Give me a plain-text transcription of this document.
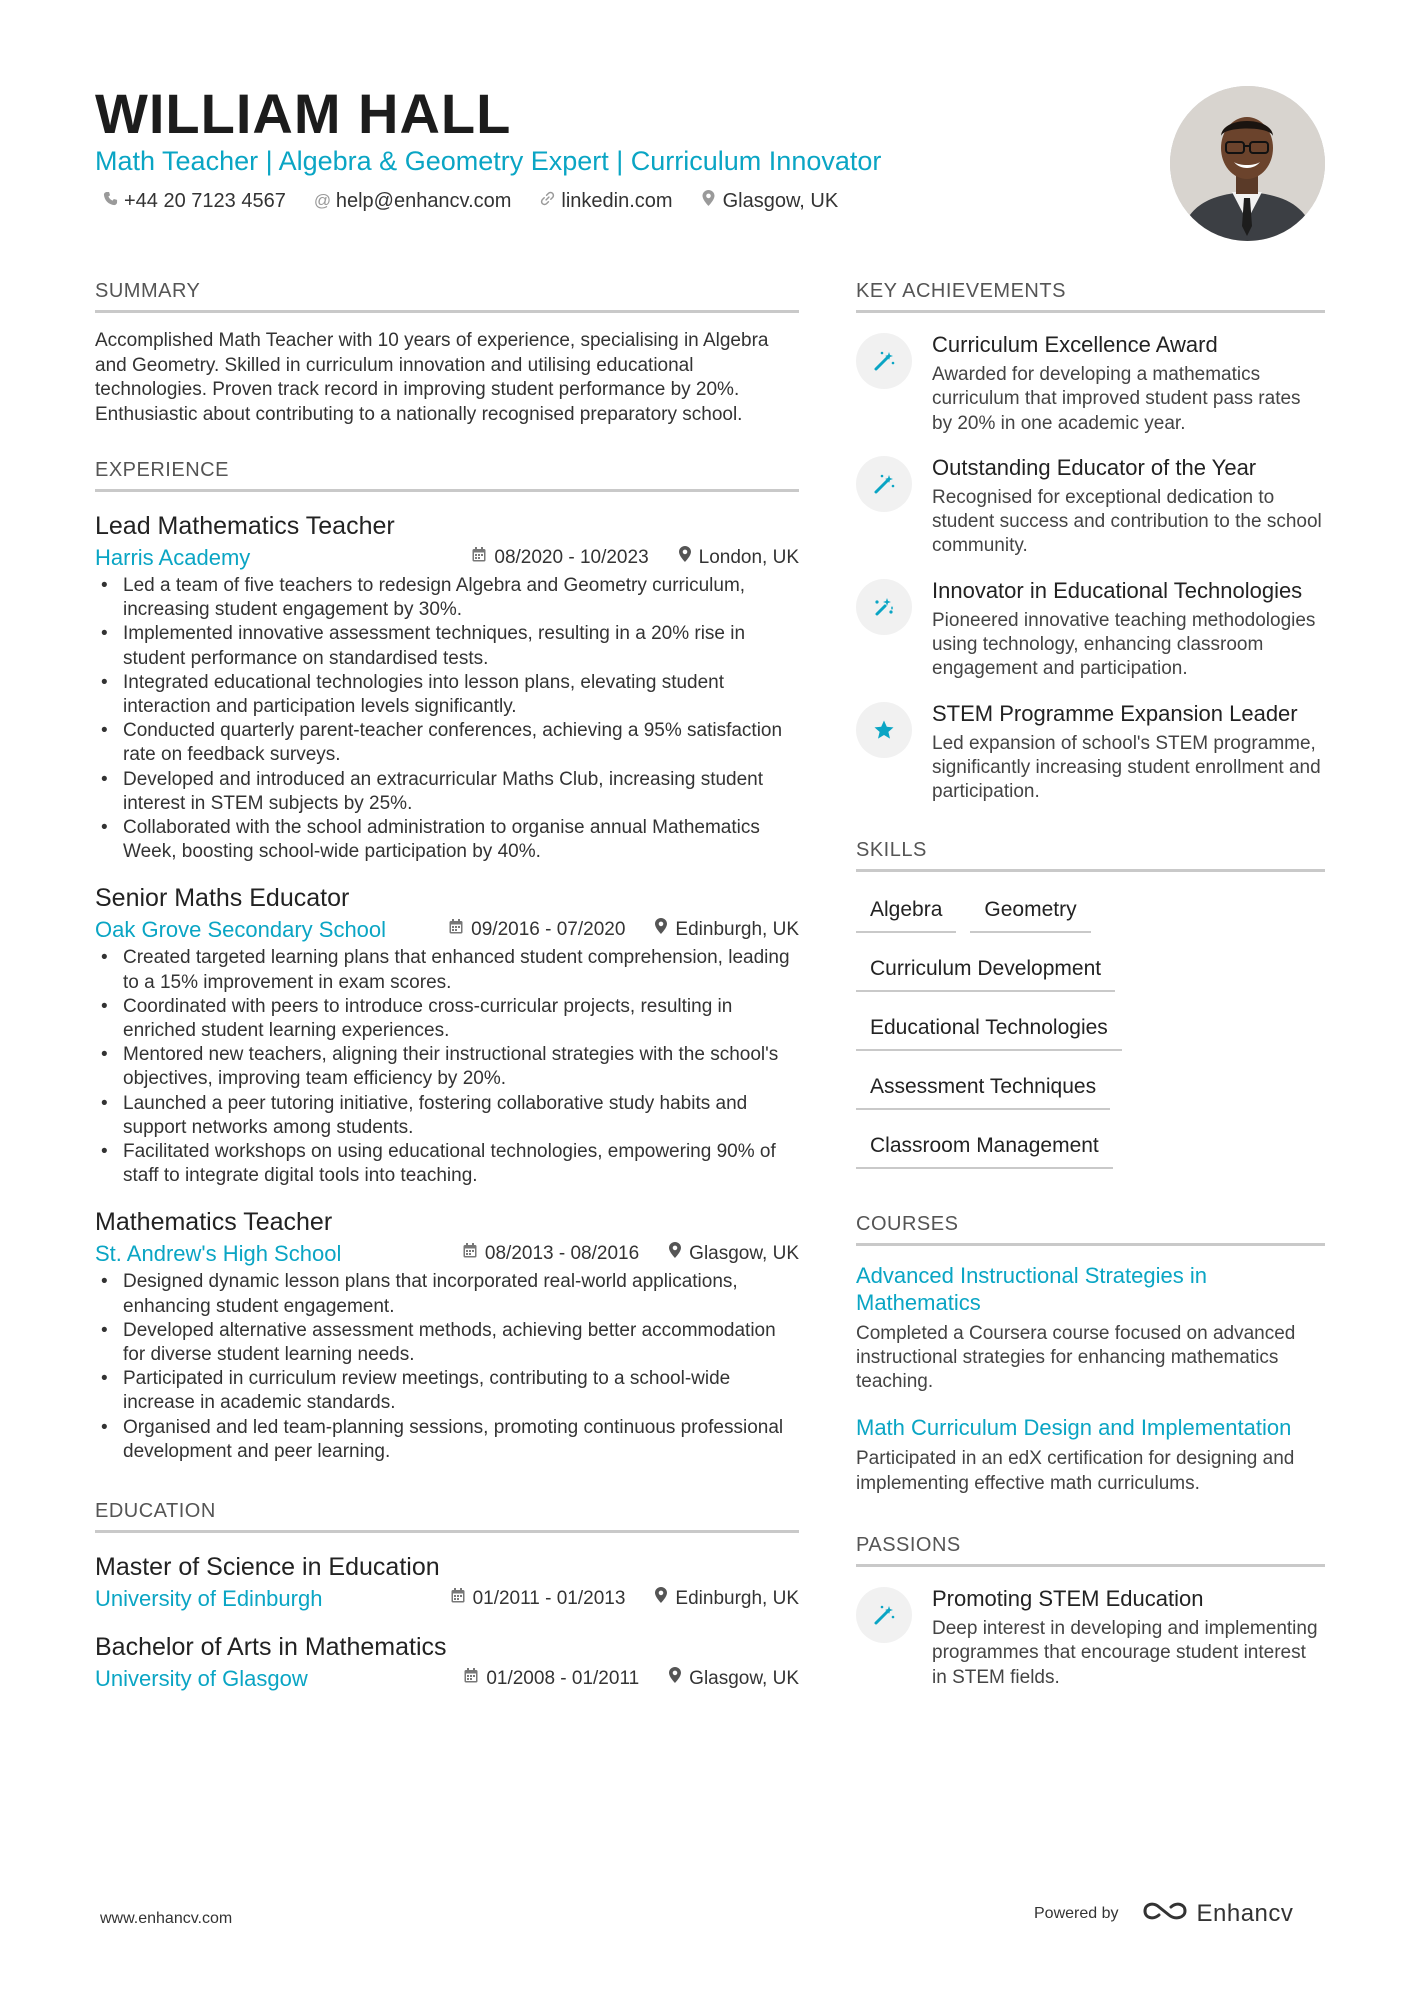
WILLIAM HALL
Math Teacher | Algebra & Geometry Expert | Curriculum Innovator
+44 20 7123 4567 @ help@enhancv.com	linkedin.com	Glasgow, UK
SUMMARY
Accomplished Math Teacher with 10 years of experience, specialising in Algebra and Geometry. Skilled in curriculum innovation and utilising educational technologies. Proven track record in improving student performance by 20%. Enthusiastic about contributing to a nationally recognised preparatory school.
EXPERIENCE
Lead Mathematics Teacher
Harris Academy	08/2020 - 10/2023	London, UK
• Led a team of five teachers to redesign Algebra and Geometry curriculum, increasing student engagement by 30%.
• Implemented innovative assessment techniques, resulting in a 20% rise in student performance on standardised tests.
• Integrated educational technologies into lesson plans, elevating student interaction and participation levels significantly.
• Conducted quarterly parent-teacher conferences, achieving a 95% satisfaction rate on feedback surveys.
• Developed and introduced an extracurricular Maths Club, increasing student interest in STEM subjects by 25%.
• Collaborated with the school administration to organise annual Mathematics Week, boosting school-wide participation by 40%.
Senior Maths Educator
Oak Grove Secondary School	09/2016 - 07/2020	Edinburgh, UK
• Created targeted learning plans that enhanced student comprehension, leading to a 15% improvement in exam scores.
• Coordinated with peers to introduce cross-curricular projects, resulting in enriched student learning experiences.
• Mentored new teachers, aligning their instructional strategies with the school's objectives, improving team efficiency by 20%.
• Launched a peer tutoring initiative, fostering collaborative study habits and support networks among students.
• Facilitated workshops on using educational technologies, empowering 90% of staff to integrate digital tools into teaching.
Mathematics Teacher
St. Andrew's High School	08/2013 - 08/2016	Glasgow, UK
• Designed dynamic lesson plans that incorporated real-world applications, enhancing student engagement.
• Developed alternative assessment methods, achieving better accommodation for diverse student learning needs.
• Participated in curriculum review meetings, contributing to a school-wide increase in academic standards.
• Organised and led team-planning sessions, promoting continuous professional development and peer learning.
EDUCATION
Master of Science in Education
University of Edinburgh	01/2011 - 01/2013	Edinburgh, UK
Bachelor of Arts in Mathematics
University of Glasgow	01/2008 - 01/2011	Glasgow, UK
KEY ACHIEVEMENTS
Curriculum Excellence Award
Awarded for developing a mathematics curriculum that improved student pass rates by 20% in one academic year.
Outstanding Educator of the Year
Recognised for exceptional dedication to student success and contribution to the school community.
Innovator in Educational Technologies
Pioneered innovative teaching methodologies using technology, enhancing classroom engagement and participation.
STEM Programme Expansion Leader
Led expansion of school's STEM programme, significantly increasing student enrollment and participation.
SKILLS
Algebra	Geometry
Curriculum Development
Educational Technologies
Assessment Techniques
Classroom Management
COURSES
Advanced Instructional Strategies in Mathematics
Completed a Coursera course focused on advanced instructional strategies for enhancing mathematics teaching.
Math Curriculum Design and Implementation
Participated in an edX certification for designing and implementing effective math curriculums.
PASSIONS
Promoting STEM Education
Deep interest in developing and implementing programmes that encourage student interest in STEM fields.
www.enhancv.com	Powered by	Enhancv
